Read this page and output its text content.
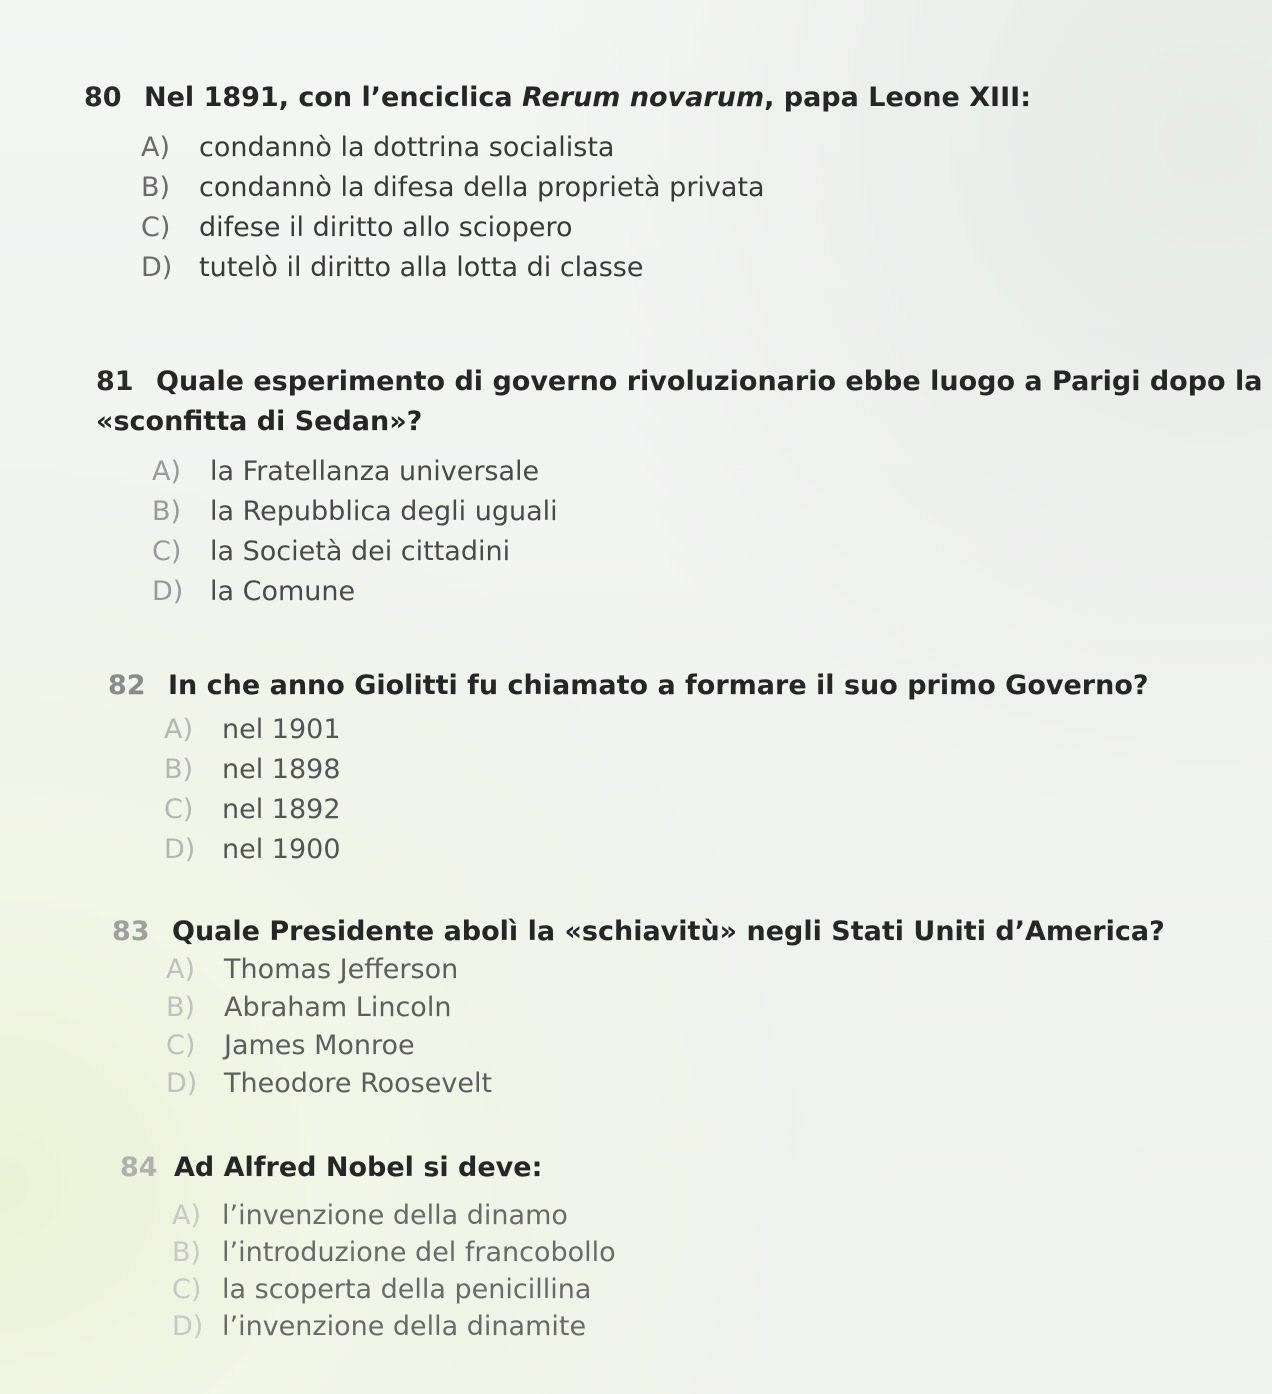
80 Nel 1891, con l’enciclica Rerum novarum, papa Leone XIII:
A)	condannò la dottrina socialista
B)	condannò la difesa della proprietà privata
C)	difese il diritto allo sciopero
D) tutelò il diritto alla lotta di classe
81 Quale esperimento di governo rivoluzionario ebbe luogo a Parigi dopo la
«sconfitta di Sedan»?
A)	la Fratellanza universale
B)	la Repubblica degli uguali
C)	la Società dei cittadini
D) la Comune
82 In che anno Giolitti fu chiamato a formare il suo primo Governo?
A)	nel 1901
B)	nel 1898
C)	nel 1892
D) nel 1900
83 Quale Presidente abolì la «schiavitù» negli Stati Uniti d’America?
A)	Thomas Jefferson
B)	Abraham Lincoln
C)	James Monroe
D) Theodore Roosevelt
84 Ad Alfred Nobel si deve:
A) l’invenzione della dinamo
B) l’introduzione del francobollo
C) la scoperta della penicillina
D) l’invenzione della dinamite
